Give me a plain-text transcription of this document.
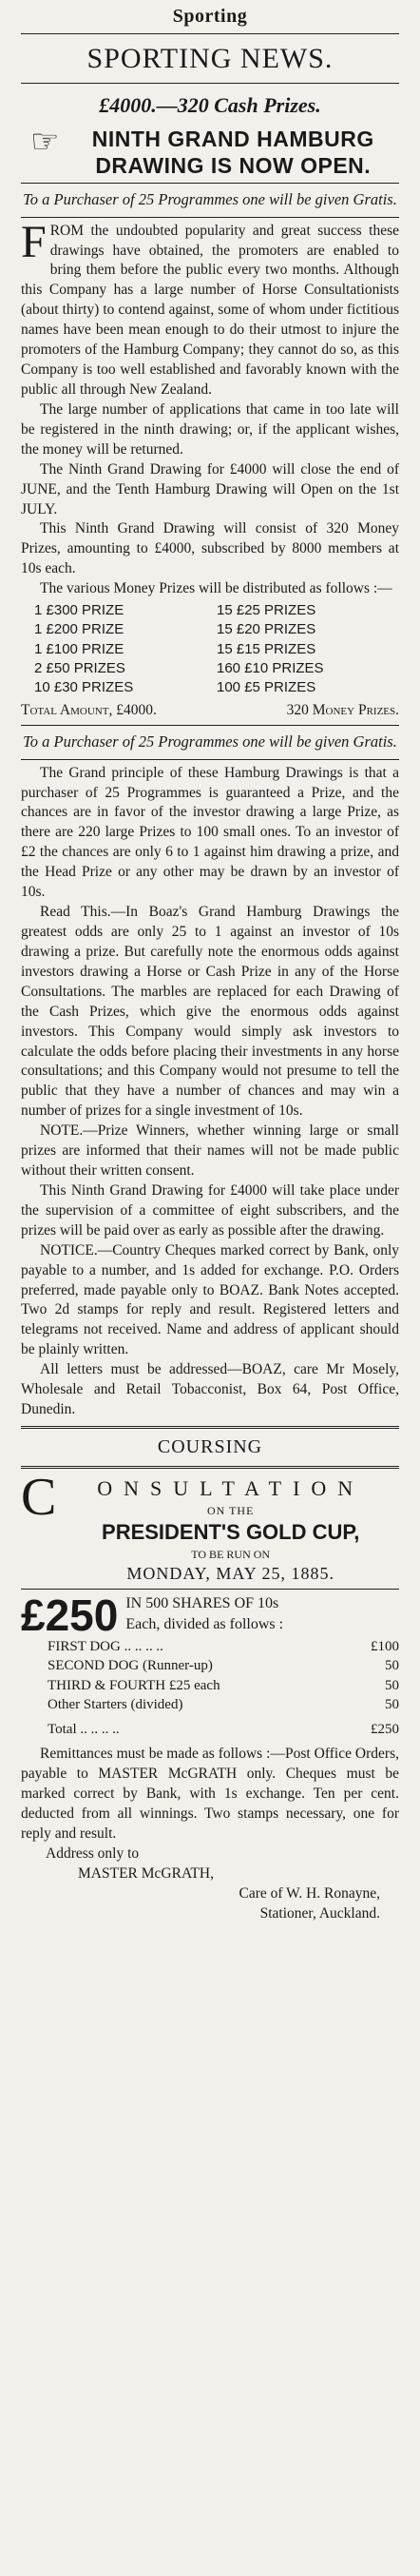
Sporting
SPORTING NEWS.
£4000.—320 Cash Prizes.
☞	NINTH GRAND HAMBURG
DRAWING IS NOW OPEN.
To a Purchaser of 25 Programmes one will be given Gratis.
F ROM the undoubted popularity and great success these drawings have obtained, the promoters are enabled to bring them before the public every two months. Although this Company has a large number of Horse Consultationists (about thirty) to contend against, some of whom under fictitious names have been mean enough to do their utmost to injure the promoters of the Hamburg Company; they cannot do so, as this Company is too well established and favorably known with the public all through New Zealand.

The large number of applications that came in too late will be registered in the ninth drawing; or, if the applicant wishes, the money will be returned.

The Ninth Grand Drawing for £4000 will close the end of JUNE, and the Tenth Hamburg Drawing will Open on the 1st JULY.

This Ninth Grand Drawing will consist of 320 Money Prizes, amounting to £4000, subscribed by 8000 members at 10s each.

The various Money Prizes will be distributed as follows :—

1 £300 PRIZE	15 £25 PRIZES
1 £200 PRIZE	15 £20 PRIZES
1 £100 PRIZE	15 £15 PRIZES
2 £50 PRIZES	160 £10 PRIZES
10 £30 PRIZES	100 £5 PRIZES
Total Amount, £4000.	320 Money Prizes.
To a Purchaser of 25 Programmes one will be given Gratis.

The Grand principle of these Hamburg Drawings is that a purchaser of 25 Programmes is guaranteed a Prize, and the chances are in favor of the investor drawing a large Prize, as there are 220 large Prizes to 100 small ones. To an investor of £2 the chances are only 6 to 1 against him drawing a prize, and the Head Prize or any other may be drawn by an investor of 10s.

Read This.—In Boaz's Grand Hamburg Drawings the greatest odds are only 25 to 1 against an investor of 10s drawing a prize. But carefully note the enormous odds against investors drawing a Horse or Cash Prize in any of the Horse Consultations. The marbles are replaced for each Drawing of the Cash Prizes, which give the enormous odds against investors. This Company would simply ask investors to calculate the odds before placing their investments in any horse consultations; and this Company would not presume to tell the public that they have a number of chances and may win a number of prizes for a single investment of 10s.

NOTE.—Prize Winners, whether winning large or small prizes are informed that their names will not be made public without their written consent.

This Ninth Grand Drawing for £4000 will take place under the supervision of a committee of eight subscribers, and the prizes will be paid over as early as possible after the drawing.

NOTICE.—Country Cheques marked correct by Bank, only payable to a number, and 1s added for exchange. P.O. Orders preferred, made payable only to BOAZ. Bank Notes accepted. Two 2d stamps for reply and result. Registered letters and telegrams not received. Name and address of applicant should be plainly written.

All letters must be addressed—BOAZ, care Mr Mosely, Wholesale and Retail Tobacconist, Box 64, Post Office, Dunedin.

COURSING
C	ONSULTATION
ON THE
PRESIDENT'S GOLD CUP,
TO BE RUN ON
MONDAY, MAY 25, 1885.
£250 IN 500 SHARES OF 10s
Each, divided as follows :
FIRST DOG .. .. .. ..	£100
SECOND DOG (Runner-up)	50
THIRD & FOURTH £25 each	50
Other Starters (divided)	50
Total .. .. .. ..	£250

Remittances must be made as follows :—Post Office Orders, payable to MASTER McGRATH only. Cheques must be marked correct by Bank, with 1s exchange. Ten per cent. deducted from all winnings. Two stamps necessary, one for reply and result.

Address only to
MASTER McGRATH,
Care of W. H. Ronayne,
Stationer, Auckland.
